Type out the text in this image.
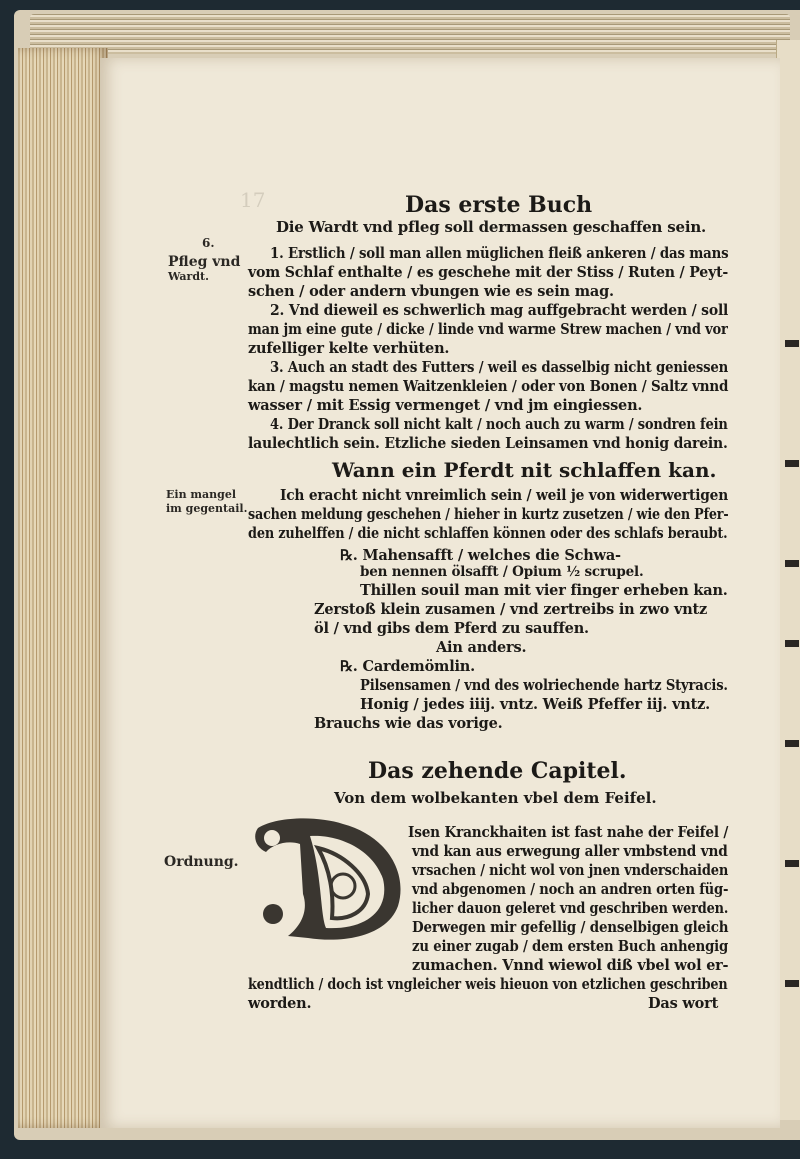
17	Das erste Buch
Die Wardt vnd pfleg soll dermassen geschaffen sein.
6.
Pfleg vnd
Wardt.
1. Erstlich / soll man allen müglichen fleiß ankeren / das mans
vom Schlaf enthalte / es geschehe mit der Stiss / Ruten / Peyt-
schen / oder andern vbungen wie es sein mag.
2. Vnd dieweil es schwerlich mag auffgebracht werden / soll
man jm eine gute / dicke / linde vnd warme Strew machen / vnd vor
zufelliger kelte verhüten.
3. Auch an stadt des Futters / weil es dasselbig nicht geniessen
kan / magstu nemen Waitzenkleien / oder von Bonen / Saltz vnnd
wasser / mit Essig vermenget / vnd jm eingiessen.
4. Der Dranck soll nicht kalt / noch auch zu warm / sondren fein
laulechtlich sein. Etzliche sieden Leinsamen vnd honig darein.
Wann ein Pferdt nit schlaffen kan.
Ein mangel
im gegentail.
Ich eracht nicht vnreimlich sein / weil je von widerwertigen
sachen meldung geschehen / hieher in kurtz zusetzen / wie den Pfer-
den zuhelffen / die nicht schlaffen können oder des schlafs beraubt.
℞. Mahensafft / welches die Schwa-
ben nennen ölsafft / Opium ½ scrupel.
Thillen souil man mit vier finger erheben kan.
Zerstoß klein zusamen / vnd zertreibs in zwo vntz
öl / vnd gibs dem Pferd zu sauffen.
Ain anders.
℞. Cardemömlin.
Pilsensamen / vnd des wolriechende hartz Styracis.
Honig / jedes iiij. vntz. Weiß Pfeffer iij. vntz.
Brauchs wie das vorige.
Das zehende Capitel.
Von dem wolbekanten vbel dem Feifel.
Ordnung.
Isen Kranckhaiten ist fast nahe der Feifel /
vnd kan aus erwegung aller vmbstend vnd
vrsachen / nicht wol von jnen vnderschaiden
vnd abgenomen / noch an andren orten füg-
licher dauon geleret vnd geschriben werden.
Derwegen mir gefellig / denselbigen gleich
zu einer zugab / dem ersten Buch anhengig
zumachen. Vnnd wiewol diß vbel wol er-
kendtlich / doch ist vngleicher weis hieuon von etzlichen geschriben
worden.	Das wort
